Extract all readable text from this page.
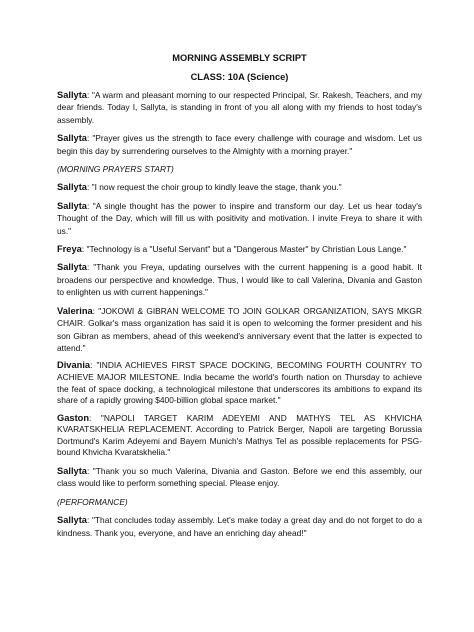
MORNING ASSEMBLY SCRIPT

CLASS: 10A (Science)

Sallyta: "A warm and pleasant morning to our respected Principal, Sr. Rakesh, Teachers, and my dear friends. Today I, Sallyta, is standing in front of you all along with my friends to host today's assembly.

Sallyta: "Prayer gives us the strength to face every challenge with courage and wisdom. Let us begin this day by surrendering ourselves to the Almighty with a morning prayer."

(MORNING PRAYERS START)

Sallyta: "I now request the choir group to kindly leave the stage, thank you."

Sallyta: "A single thought has the power to inspire and transform our day. Let us hear today's Thought of the Day, which will fill us with positivity and motivation. I invite Freya to share it with us."

Freya: "Technology is a "Useful Servant" but a "Dangerous Master" by Christian Lous Lange."

Sallyta: "Thank you Freya, updating ourselves with the current happening is a good habit. It broadens our perspective and knowledge. Thus, I would like to call Valerina, Divania and Gaston to enlighten us with current happenings."

Valerina: "JOKOWI & GIBRAN WELCOME TO JOIN GOLKAR ORGANIZATION, SAYS MKGR CHAIR. Golkar's mass organization has said it is open to welcoming the former president and his son Gibran as members, ahead of this weekend's anniversary event that the latter is expected to attend."

Divania: "INDIA ACHIEVES FIRST SPACE DOCKING, BECOMING FOURTH COUNTRY TO ACHIEVE MAJOR MILESTONE. India became the world's fourth nation on Thursday to achieve the feat of space docking, a technological milestone that underscores its ambitions to expand its share of a rapidly growing $400-billion global space market."

Gaston: "NAPOLI TARGET KARIM ADEYEMI AND MATHYS TEL AS KHVICHA KVARATSKHELIA REPLACEMENT. According to Patrick Berger, Napoli are targeting Borussia Dortmund's Karim Adeyemi and Bayern Munich's Mathys Tel as possible replacements for PSG-bound Khvicha Kvaratskhelia."

Sallyta: "Thank you so much Valerina, Divania and Gaston. Before we end this assembly, our class would like to perform something special. Please enjoy.

(PERFORMANCE)

Sallyta: "That concludes today assembly. Let's make today a great day and do not forget to do a kindness. Thank you, everyone, and have an enriching day ahead!"
